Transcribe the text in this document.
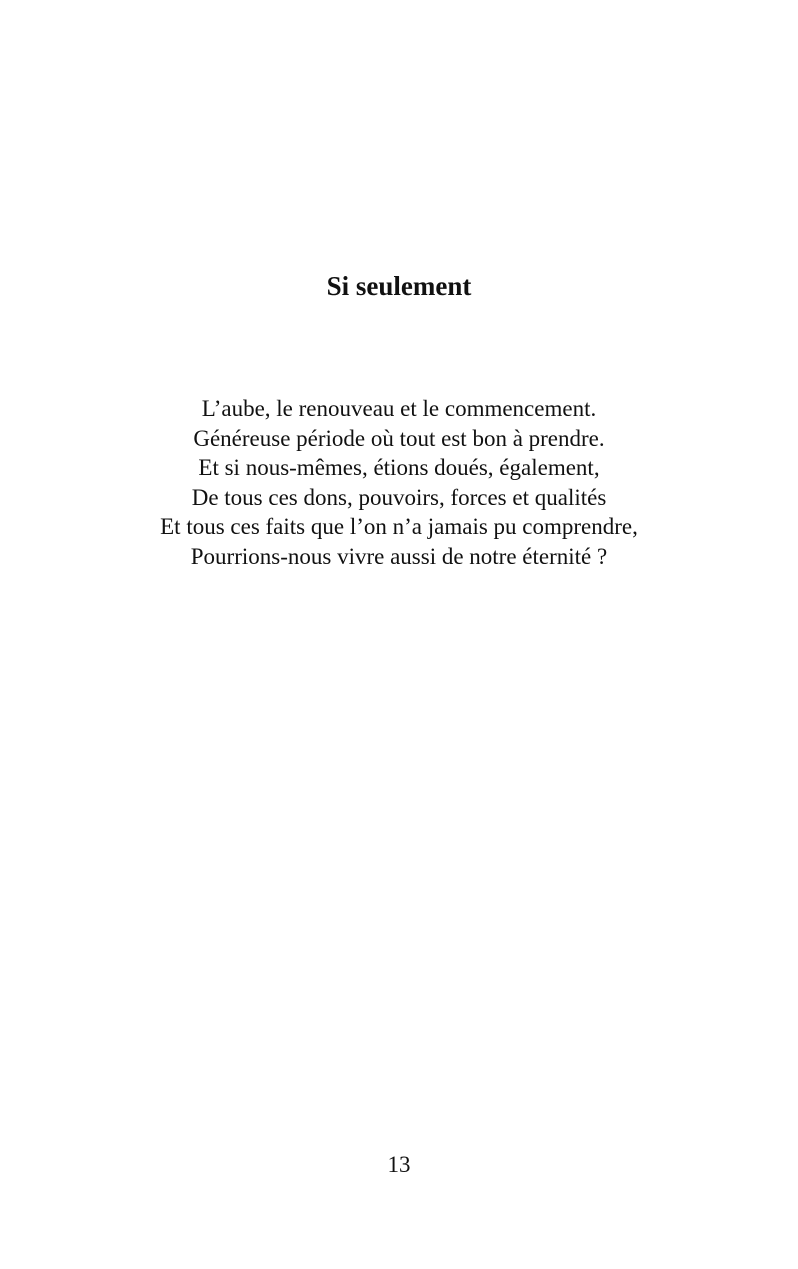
Si seulement
L’aube, le renouveau et le commencement.
Généreuse période où tout est bon à prendre.
Et si nous-mêmes, étions doués, également,
De tous ces dons, pouvoirs, forces et qualités
Et tous ces faits que l’on n’a jamais pu comprendre,
Pourrions-nous vivre aussi de notre éternité ?
13
